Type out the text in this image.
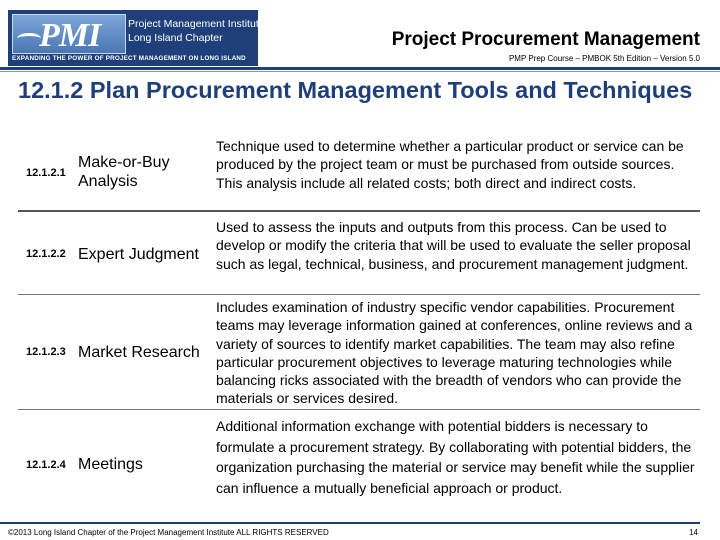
PMI	Project Management Institute
Long Island Chapter
EXPANDING THE POWER OF PROJECT MANAGEMENT ON LONG ISLAND
Project Procurement Management
PMP Prep Course – PMBOK 5th Edition – Version 5.0
12.1.2 Plan Procurement Management Tools and Techniques
12.1.2.1
Make-or-Buy Analysis
Technique used to determine whether a particular product or service can be produced by the project team or must be purchased from outside sources. This analysis include all related costs; both direct and indirect costs.
12.1.2.2 Expert Judgment
Used to assess the inputs and outputs from this process. Can be used to develop or modify the criteria that will be used to evaluate the seller proposal such as legal, technical, business, and procurement management judgment.
12.1.2.3 Market Research
Includes examination of industry specific vendor capabilities. Procurement teams may leverage information gained at conferences, online reviews and a variety of sources to identify market capabilities. The team may also refine particular procurement objectives to leverage maturing technologies while balancing ricks associated with the breadth of vendors who can provide the materials or services desired.
12.1.2.4 Meetings
Additional information exchange with potential bidders is necessary to formulate a procurement strategy. By collaborating with potential bidders, the organization purchasing the material or service may benefit while the supplier can influence a mutually beneficial approach or product.
©2013 Long Island Chapter of the Project Management Institute ALL RIGHTS RESERVED	14
